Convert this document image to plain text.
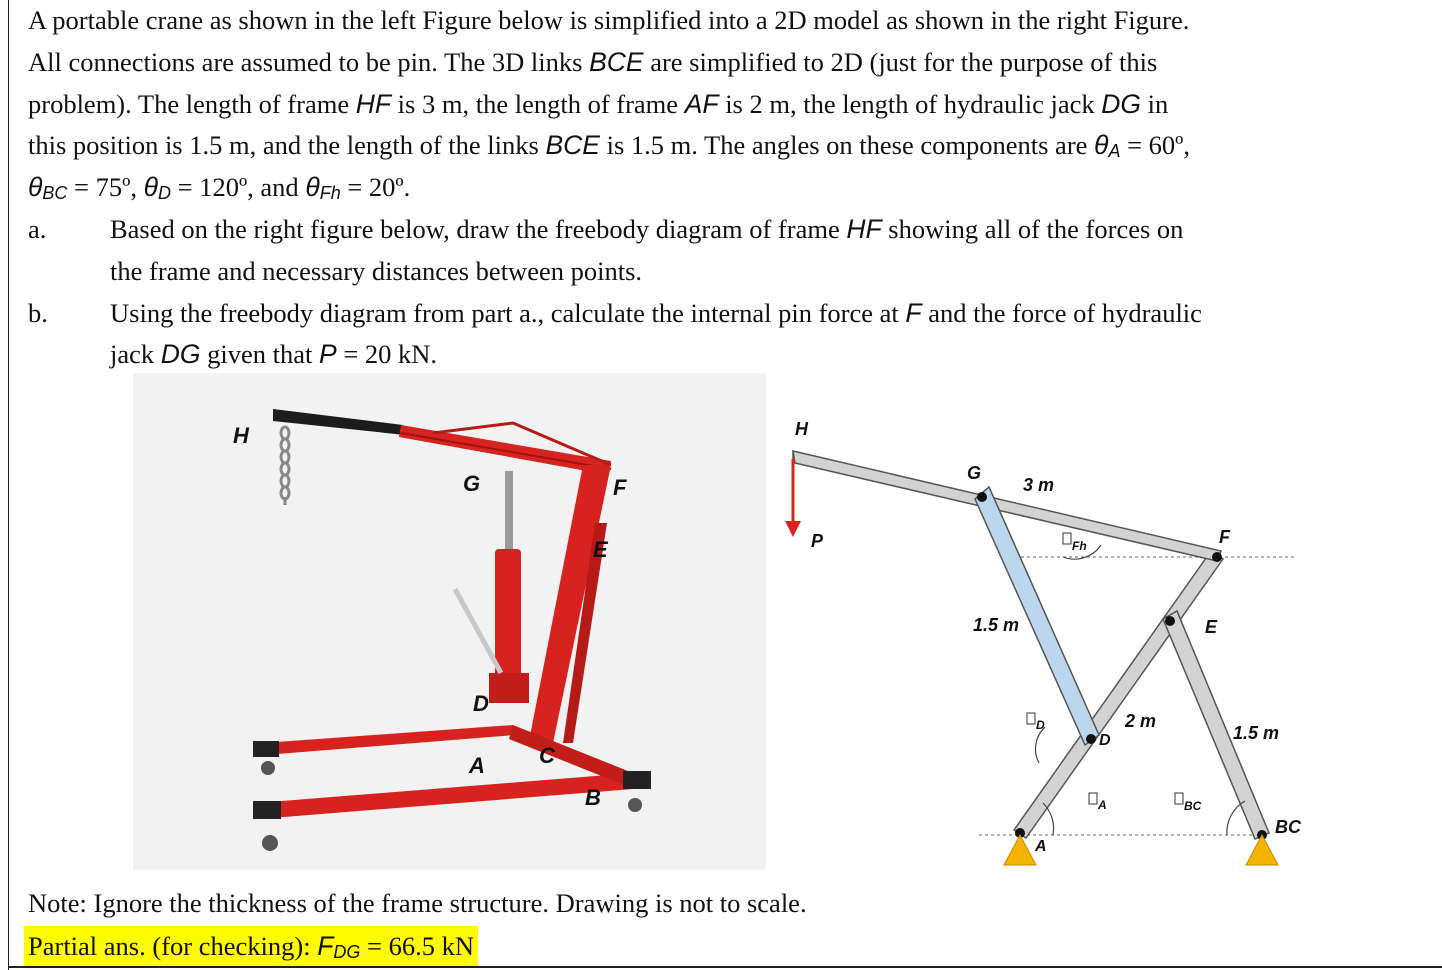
A portable crane as shown in the left Figure below is simplified into a 2D model as shown in the right Figure.
All connections are assumed to be pin. The 3D links BCE are simplified to 2D (just for the purpose of this
problem). The length of frame HF is 3 m, the length of frame AF is 2 m, the length of hydraulic jack DG in
this position is 1.5 m, and the length of the links BCE is 1.5 m. The angles on these components are $\theta_A$ = 60º,
$\theta_{BC}$ = 75º, $\theta_D$ = 120º, and $\theta_{Fh}$ = 20º.
a.	Based on the right figure below, draw the freebody diagram of frame HF showing all of the forces on
the frame and necessary distances between points.
b.	Using the freebody diagram from part a., calculate the internal pin force at F and the force of hydraulic
jack DG given that P = 20 kN.
H
G	F
E
D
A C
B
H
P
G
3 m
F
Fh
E
1.5 m
D
D
2 m
1.5 m
A	BC
A
BC
Note: Ignore the thickness of the frame structure. Drawing is not to scale.
Partial ans. (for checking): $F_{DG} = 66.5$ kN
